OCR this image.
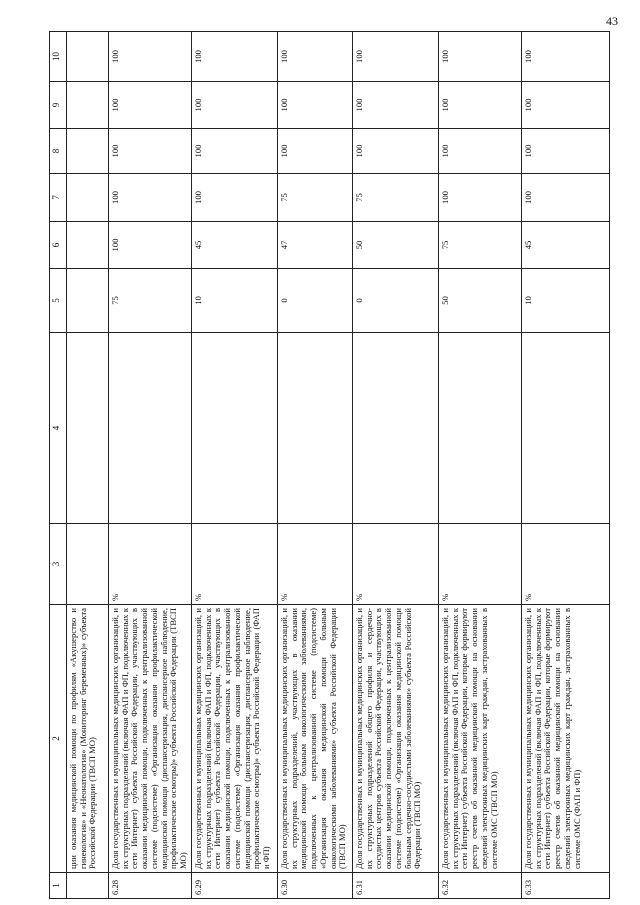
43
1	2	3	4	5	6	7	8	9	10
	ции оказания медицинской помощи по профилям «Акушерство и гинекология» и «Неонатология» (Мониторинг беременных)» субъекта Российской Федерации (ТВСП МО)								
6.28	Доля государственных и муниципальных медицинских организаций, и их структурных подразделений (включая ФАП и ФП, подключенных к сети Интернет) субъекта Российской Федерации, участвующих в оказании медицинской помощи, подключенных к централизованной системе (подсистеме) «Организация оказания профилактической медицинской помощи (диспансеризация, диспансерное наблюдение, профилактические осмотры)» субъекта Российской Федерации (ТВСП МО)	%		75	100	100	100	100	100
6.29	Доля государственных и муниципальных медицинских организаций, и их структурных подразделений (включая ФАП и ФП, подключенных к сети Интернет) субъекта Российской Федерации, участвующих в оказании медицинской помощи, подключенных к централизованной системе (подсистеме) «Организация оказания профилактической медицинской помощи (диспансеризация, диспансерное наблюдение, профилактические осмотры)» субъекта Российской Федерации (ФАП и ФП)	%		10	45	100	100	100	100
6.30	Доля государственных и муниципальных медицинских организаций, и их структурных подразделений, участвующих в оказании медицинской помощи больным онкологическими заболеваниями, подключенных к централизованной системе (подсистеме) «Организация оказания медицинской помощи больным онкологическими заболеваниями» субъекта Российской Федерации (ТВСП МО)	%		0	47	75	100	100	100
6.31	Доля государственных и муниципальных медицинских организаций, и их структурных подразделений общего профиля и сердечно-сосудистых центров субъекта Российской Федерации, участвующих в оказании медицинской помощи, подключенных к централизованной системе (подсистеме) «Организация оказания медицинской помощи больным сердечно-сосудистыми заболеваниями» субъекта Российской Федерации (ТВСП МО)	%		0	50	75	100	100	100
6.32	Доля государственных и муниципальных медицинских организаций, и их структурных подразделений (включая ФАП и ФП, подключенных к сети Интернет) субъекта Российской Федерации, которые формируют реестр счетов об оказанной медицинской помощи на основании сведений электронных медицинских карт граждан, застрахованных в системе ОМС (ТВСП МО)	%		50	75	100	100	100	100
6.33	Доля государственных и муниципальных медицинских организаций, и их структурных подразделений (включая ФАП и ФП, подключенных к сети Интернет) субъекта Российской Федерации, которые формируют реестр счетов об оказанной медицинской помощи на основании сведений электронных медицинских карт граждан, застрахованных в системе ОМС (ФАП и ФП)	%		10	45	100	100	100	100
